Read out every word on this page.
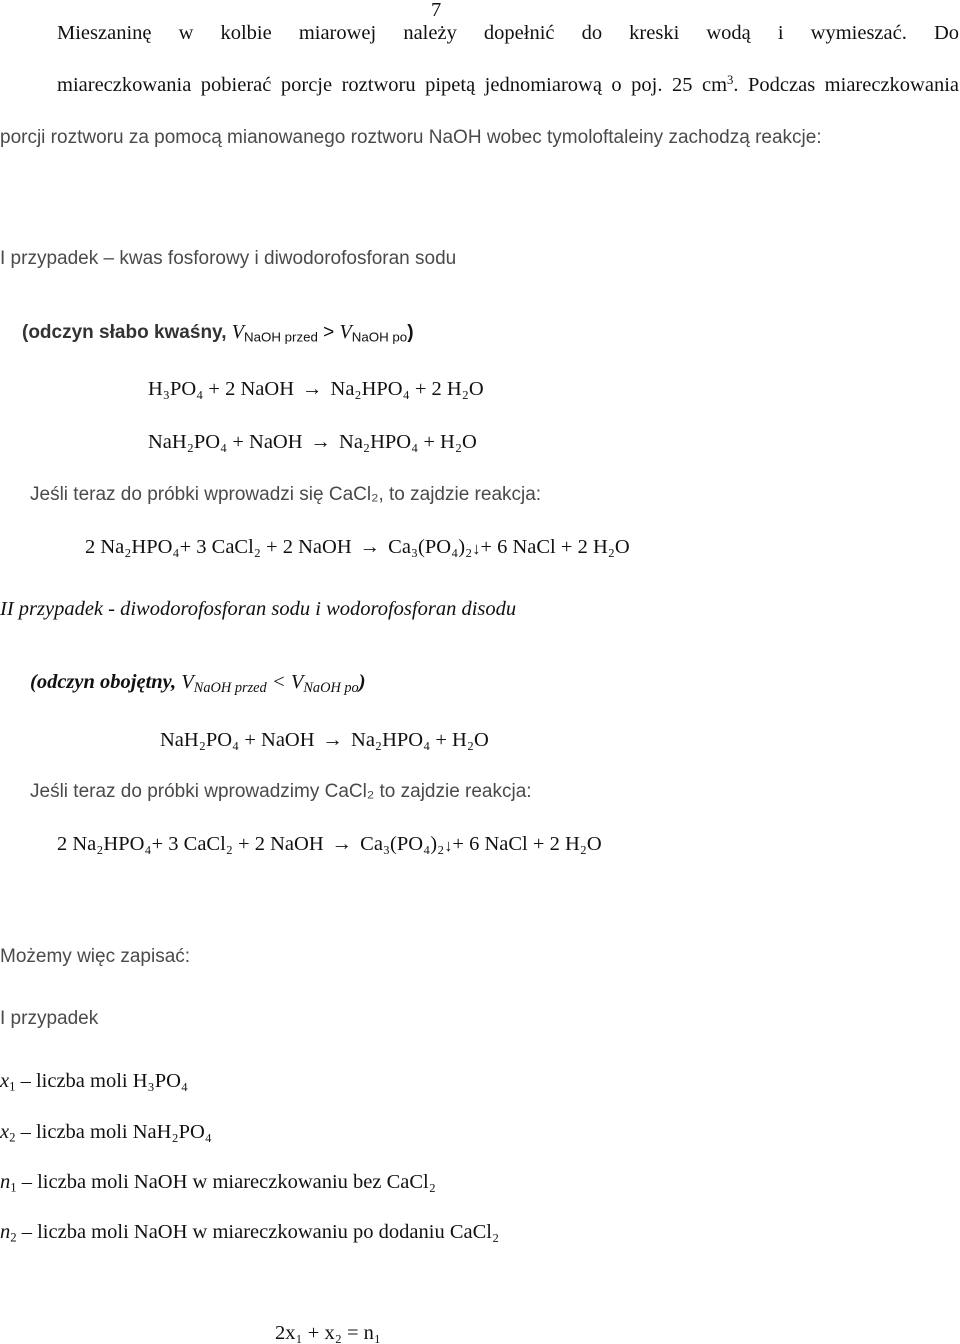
7
Mieszaninę w kolbie miarowej należy dopełnić do kreski wodą i wymieszać. Do
miareczkowania pobierać porcje roztworu pipetą jednomiarową o poj. 25 $cm^3$. Podczas miareczkowania
porcji roztworu za pomocą mianowanego roztworu NaOH wobec tymoloftaleiny zachodzą reakcje:
I przypadek – kwas fosforowy i diwodorofosforan sodu
(odczyn słabo kwaśny, $V_{NaOH przed} > V_{NaOH po}$)
H₃PO₄ + 2 NaOH → Na₂HPO₄ + 2 H₂O
NaH₂PO₄ + NaOH → Na₂HPO₄ + H₂O
Jeśli teraz do próbki wprowadzi się CaCl₂, to zajdzie reakcja:
2 Na₂HPO₄+ 3 CaCl₂ + 2 NaOH → Ca₃(PO₄)₂↓+ 6 NaCl + 2 H₂O
II przypadek - diwodorofosforan sodu i wodorofosforan disodu
(odczyn obojętny, $V_{NaOH przed} < V_{NaOH po}$)
NaH₂PO₄ + NaOH → Na₂HPO₄ + H₂O
Jeśli teraz do próbki wprowadzimy CaCl₂ to zajdzie reakcja:
2 Na₂HPO₄+ 3 CaCl₂ + 2 NaOH → Ca₃(PO₄)₂↓+ 6 NaCl + 2 H₂O
Możemy więc zapisać:
I przypadek
$x_1$ – liczba moli H₃PO₄
$x_2$ – liczba moli NaH₂PO₄
$n_1$ – liczba moli NaOH w miareczkowaniu bez CaCl₂
$n_2$ – liczba moli NaOH w miareczkowaniu po dodaniu CaCl₂
2x₁ + x₂ = n₁
